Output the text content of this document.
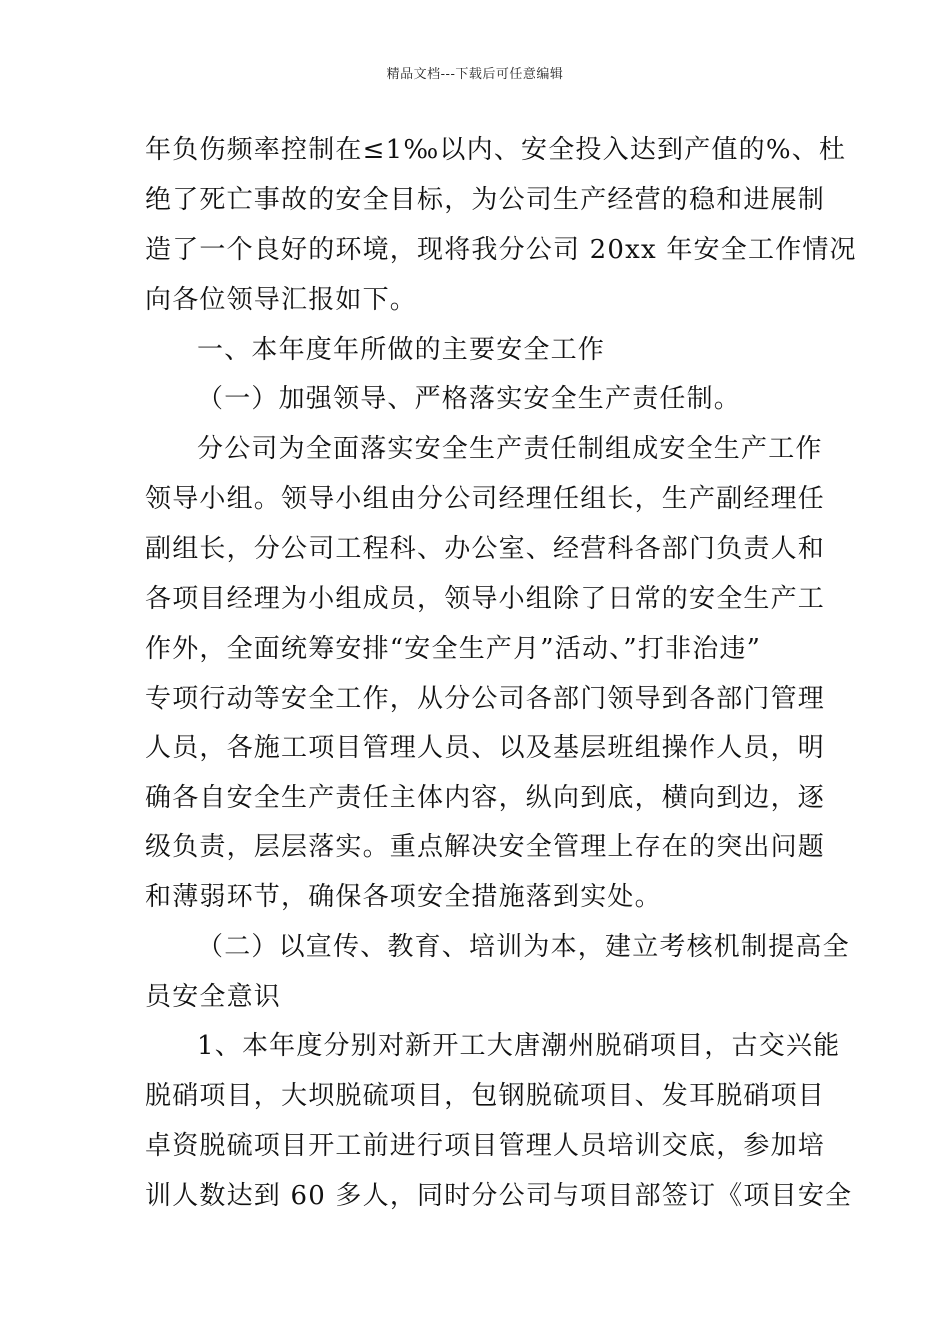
精品文档---下载后可任意编辑
年负伤频率控制在≤1‰以内、安全投入达到产值的%、杜
绝了死亡事故的安全目标，为公司生产经营的稳和进展制
造了一个良好的环境，现将我分公司 20xx 年安全工作情况
向各位领导汇报如下。
一、本年度年所做的主要安全工作
（一）加强领导、严格落实安全生产责任制。
分公司为全面落实安全生产责任制组成安全生产工作
领导小组。领导小组由分公司经理任组长，生产副经理任
副组长，分公司工程科、办公室、经营科各部门负责人和
各项目经理为小组成员，领导小组除了日常的安全生产工
作外，全面统筹安排“安全生产月”活动、”打非治违”
专项行动等安全工作，从分公司各部门领导到各部门管理
人员，各施工项目管理人员、以及基层班组操作人员，明
确各自安全生产责任主体内容，纵向到底，横向到边，逐
级负责，层层落实。重点解决安全管理上存在的突出问题
和薄弱环节，确保各项安全措施落到实处。
（二）以宣传、教育、培训为本，建立考核机制提高全
员安全意识
1、本年度分别对新开工大唐潮州脱硝项目，古交兴能
脱硝项目，大坝脱硫项目，包钢脱硫项目、发耳脱硝项目
卓资脱硫项目开工前进行项目管理人员培训交底，参加培
训人数达到 60 多人，同时分公司与项目部签订《项目安全
